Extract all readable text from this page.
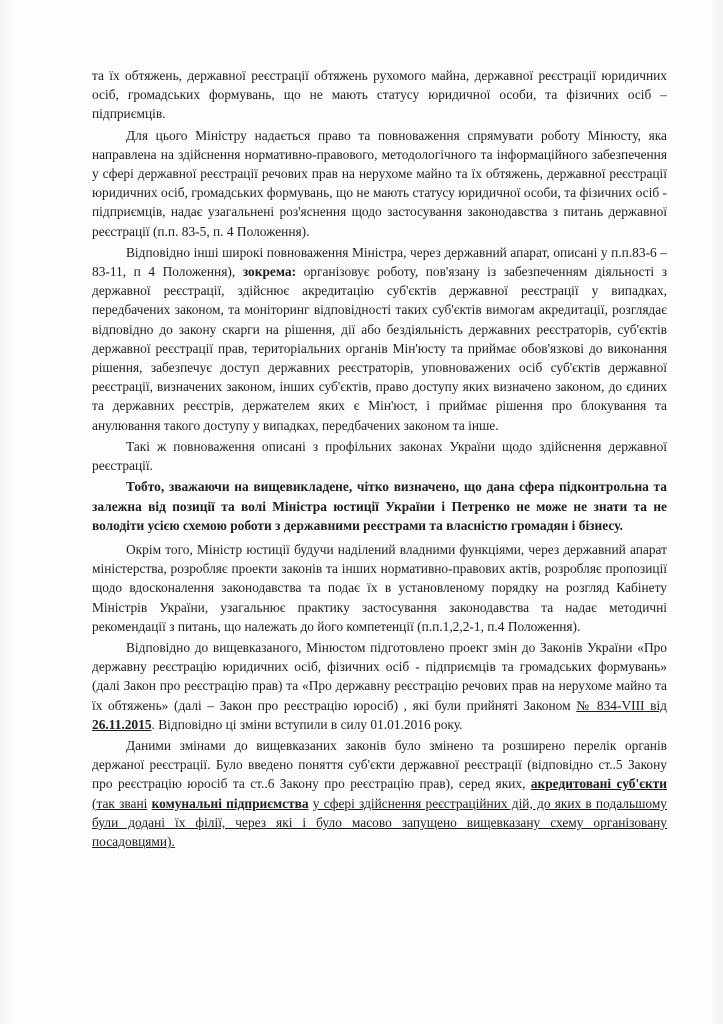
та їх обтяжень, державної реєстрації обтяжень рухомого майна, державної реєстрації юридичних осіб, громадських формувань, що не мають статусу юридичної особи, та фізичних осіб – підприємців.

Для цього Міністру надається право та повноваження спрямувати роботу Мінюсту, яка направлена на здійснення нормативно-правового, методологічного та інформаційного забезпечення у сфері державної реєстрації речових прав на нерухоме майно та їх обтяжень, державної реєстрації юридичних осіб, громадських формувань, що не мають статусу юридичної особи, та фізичних осіб - підприємців, надає узагальнені роз'яснення щодо застосування законодавства з питань державної реєстрації (п.п. 83-5, п. 4 Положення).

Відповідно інші широкі повноваження Міністра, через державний апарат, описані у п.п.83-6 – 83-11, п 4 Положення), зокрема: організовує роботу, пов'язану із забезпеченням діяльності з державної реєстрації, здійснює акредитацію суб'єктів державної реєстрації у випадках, передбачених законом, та моніторинг відповідності таких суб'єктів вимогам акредитації, розглядає відповідно до закону скарги на рішення, дії або бездіяльність державних реєстраторів, суб'єктів державної реєстрації прав, територіальних органів Мін'юсту та приймає обов'язкові до виконання рішення, забезпечує доступ державних реєстраторів, уповноважених осіб суб'єктів державної реєстрації, визначених законом, інших суб'єктів, право доступу яких визначено законом, до єдиних та державних реєстрів, держателем яких є Мін'юст, і приймає рішення про блокування та анулювання такого доступу у випадках, передбачених законом та інше.

Такі ж повноваження описані з профільних законах України щодо здійснення державної реєстрації.

Тобто, зважаючи на вищевикладене, чітко визначено, що дана сфера підконтрольна та залежна від позиції та волі Міністра юстиції України і Петренко не може не знати та не володіти усією схемою роботи з державними реєстрами та власністю громадян і бізнесу.

Окрім того, Міністр юстиції будучи наділений владними функціями, через державний апарат міністерства, розробляє проекти законів та інших нормативно-правових актів, розробляє пропозиції щодо вдосконалення законодавства та подає їх в установленому порядку на розгляд Кабінету Міністрів України, узагальнює практику застосування законодавства та надає методичні рекомендації з питань, що належать до його компетенції (п.п.1,2,2-1, п.4 Положення).

Відповідно до вищевказаного, Мінюстом підготовлено проект змін до Законів України «Про державну реєстрацію юридичних осіб, фізичних осіб - підприємців та громадських формувань» (далі Закон про реєстрацію прав) та «Про державну реєстрацію речових прав на нерухоме майно та їх обтяжень» (далі – Закон про реєстрацію юросіб) , які були прийняті Законом № 834-VIII від 26.11.2015. Відповідно ці зміни вступили в силу 01.01.2016 року.

Даними змінами до вищевказаних законів було змінено та розширено перелік органів держаної реєстрації. Було введено поняття суб'єкти державної реєстрації (відповідно ст..5 Закону про реєстрацію юросіб та ст..6 Закону про реєстрацію прав), серед яких, акредитовані суб'єкти (так звані комунальні підприємства у сфері здійснення реєстраційних дій, до яких в подальшому були додані їх філії, через які і було масово запущено вищевказану схему організовану посадовцями).
